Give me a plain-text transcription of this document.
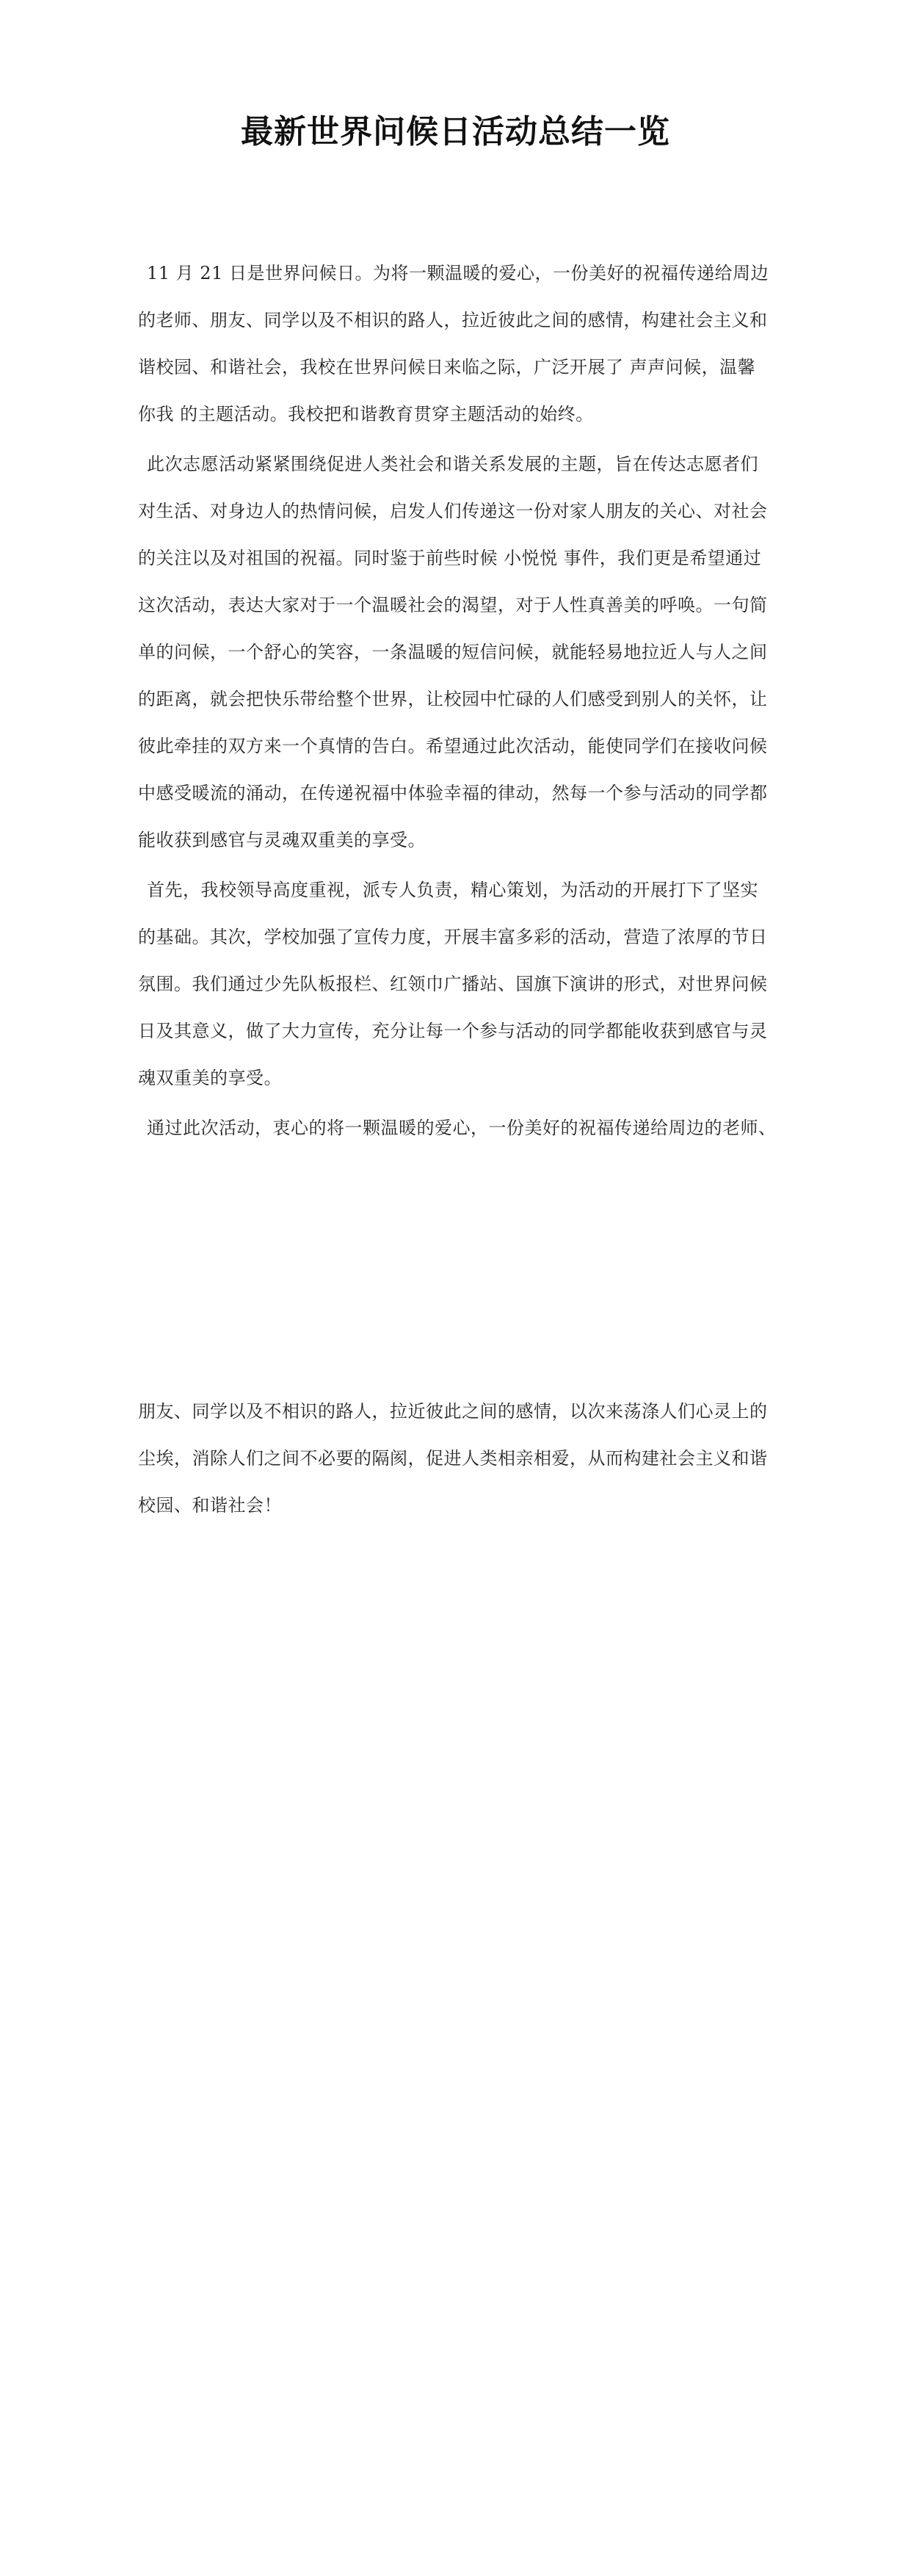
最新世界问候日活动总结一览
11 月 21 日是世界问候日。为将一颗温暖的爱心，一份美好的祝福传递给周边
的老师、朋友、同学以及不相识的路人，拉近彼此之间的感情，构建社会主义和
谐校园、和谐社会，我校在世界问候日来临之际，广泛开展了 声声问候，温馨
你我 的主题活动。我校把和谐教育贯穿主题活动的始终。
此次志愿活动紧紧围绕促进人类社会和谐关系发展的主题，旨在传达志愿者们
对生活、对身边人的热情问候，启发人们传递这一份对家人朋友的关心、对社会
的关注以及对祖国的祝福。同时鉴于前些时候 小悦悦 事件，我们更是希望通过
这次活动，表达大家对于一个温暖社会的渴望，对于人性真善美的呼唤。一句简
单的问候，一个舒心的笑容，一条温暖的短信问候，就能轻易地拉近人与人之间
的距离，就会把快乐带给整个世界，让校园中忙碌的人们感受到别人的关怀，让
彼此牵挂的双方来一个真情的告白。希望通过此次活动，能使同学们在接收问候
中感受暖流的涌动，在传递祝福中体验幸福的律动，然每一个参与活动的同学都
能收获到感官与灵魂双重美的享受。
首先，我校领导高度重视，派专人负责，精心策划，为活动的开展打下了坚实
的基础。其次，学校加强了宣传力度，开展丰富多彩的活动，营造了浓厚的节日
氛围。我们通过少先队板报栏、红领巾广播站、国旗下演讲的形式，对世界问候
日及其意义，做了大力宣传，充分让每一个参与活动的同学都能收获到感官与灵
魂双重美的享受。
通过此次活动，衷心的将一颗温暖的爱心，一份美好的祝福传递给周边的老师、
朋友、同学以及不相识的路人，拉近彼此之间的感情，以次来荡涤人们心灵上的
尘埃，消除人们之间不必要的隔阂，促进人类相亲相爱，从而构建社会主义和谐
校园、和谐社会！
